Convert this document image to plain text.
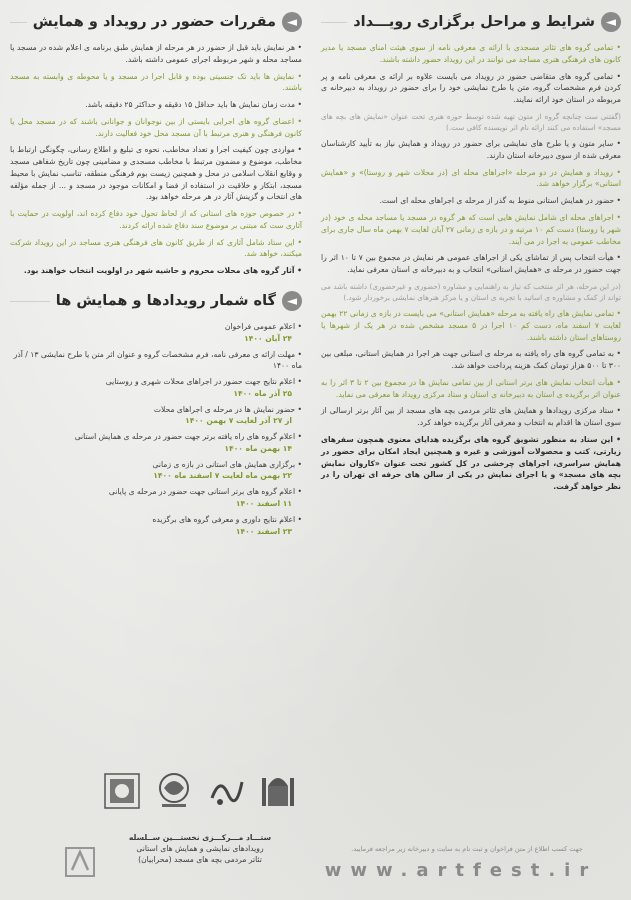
◄
شرایط و مراحل برگزاری رویـــداد
• تمامی گروه های تئاتر مسجدی با ارائه ی معرفی نامه از سوی هیئت امنای مسجد یا مدیر کانون های فرهنگی هنری مساجد می توانند در این رویداد حضور داشته باشند.
• تمامی گروه های متقاضی حضور در رویداد می بایست علاوه بر ارائه ی معرفی نامه و پر کردن فرم مشخصات گروه، متن یا طرح نمایشی خود را برای حضور در رویداد به دبیرخانه ی مربوطه در استان خود ارائه نمایند.
(گفتنی ست چنانچه گروه از متون تهیه شده توسط حوزه هنری تحت عنوان «نمایش های بچه های مسجد» استفاده می کنند ارائه نام اثر نویسنده کافی ست.)
• سایر متون و یا طرح های نمایشی برای حضور در رویداد و همایش نیاز به تأیید کارشناسان معرفی شده از سوی دبیرخانه استان دارند.
• رویداد و همایش در دو مرحله «اجراهای محله ای (در محلات شهر و روستا)» و «همایش استانی» برگزار خواهد شد.
• حضور در همایش استانی منوط به گذر از مرحله ی اجراهای محله ای است.
• اجراهای محله ای شامل نمایش هایی است که هر گروه در مسجد یا مساجد محله ی خود (در شهر یا روستا) دست کم ۱۰ مرتبه و در بازه ی زمانی ۲۷ آبان لغایت ۷ بهمن ماه سال جاری برای مخاطب عمومی به اجرا در می آیند.
• هیأت انتخاب پس از تماشای یکی از اجراهای عمومی هر نمایش در مجموع بین ۷ تا ۱۰ اثر را جهت حضور در مرحله ی «همایش استانی» انتخاب و به دبیرخانه ی استان معرفی نماید.
(در این مرحله، هر اثر منتخب که نیاز به راهنمایی و مشاوره (حضوری و غیرحضوری) داشته باشد می تواند از کمک و مشاوره ی اساتید با تجربه ی استان و یا مرکز هنرهای نمایشی برخوردار شود.)
• تمامی نمایش های راه یافته به مرحله «همایش استانی» می بایست در بازه ی زمانی ۲۲ بهمن لغایت ۷ اسفند ماه، دست کم ۱۰ اجرا در ۵ مسجد مشخص شده در هر یک از شهرها یا روستاهای استان داشته باشند.
• به تمامی گروه های راه یافته به مرحله ی استانی جهت هر اجرا در همایش استانی، مبلغی بین ۳۰۰ تا ۵۰۰ هزار تومان کمک هزینه پرداخت خواهد شد.
• هیأت انتخاب نمایش های برتر استانی از بین تمامی نمایش ها در مجموع بین ۲ تا ۳ اثر را به عنوان اثر برگزیده ی استان به دبیرخانه ی استان و ستاد مرکزی رویداد ها معرفی می نماید.
• ستاد مرکزی رویدادها و همایش های تئاتر مردمی بچه های مسجد از بین آثار برتر ارسالی از سوی استان ها اقدام به انتخاب و معرفی آثار برگزیده خواهد کرد.
• این ستاد به منظور تشویق گروه های برگزیده هدایای معنوی همچون سفرهای زیارتی، کتب و محصولات آموزشی و غیره و همچنین ایجاد امکان برای حضور در همایش سراسری، اجراهای چرخشی در کل کشور تحت عنوان «کاروان نمایش بچه های مسجد» و یا اجرای نمایش در یکی از سالن های حرفه ای تهران را در نظر خواهد گرفت.
◄
مقررات حضور در رویداد و همایش
• هر نمایش باید قبل از حضور در هر مرحله از همایش طبق برنامه ی اعلام شده در مسجد یا مساجد محله و شهر مربوطه اجرای عمومی داشته باشد.
• نمایش ها باید تک جنسیتی بوده و قابل اجرا در مسجد و یا محوطه ی وابسته به مسجد باشند.
• مدت زمان نمایش ها باید حداقل ۱۵ دقیقه و حداکثر ۲۵ دقیقه باشد.
• اعضای گروه های اجرایی بایستی از بین نوجوانان و جوانانی باشند که در مسجد محل یا کانون فرهنگی و هنری مرتبط با آن مسجد محل خود فعالیت دارند.
• مواردی چون کیفیت اجرا و تعداد مخاطب، نحوه ی تبلیغ و اطلاع رسانی، چگونگی ارتباط با مخاطب، موضوع و مضمون مرتبط با مخاطب مسجدی و مضامینی چون تاریخ شفاهی مسجد و وقایع انقلاب اسلامی در محل و همچنین زیست بوم فرهنگی منطقه، تناسب نمایش با محیط مسجد، ابتکار و خلاقیت در استفاده از فضا و امکانات موجود در مسجد و ... از جمله مؤلفه های انتخاب و گزینش آثار در هر مرحله خواهد بود.
• در خصوص حوزه های استانی که از لحاظ تحول خود دفاع کرده اند، اولویت در حمایت با آثاری ست که مبتنی بر موضوع سند دفاع شده ارائه کردند.
• این ستاد شامل آثاری که از طریق کانون های فرهنگی هنری مساجد در این رویداد شرکت میکنند، خواهد شد.
• آثار گروه های محلات محروم و حاشیه شهر در اولویت انتخاب خواهند بود.
◄
گاه شمار رویدادها و همایش ها
• اعلام عمومی فراخوان
۲۴ آبان ۱۴۰۰
• مهلت ارائه ی معرفی نامه، فرم مشخصات گروه و عنوان اثر متن یا طرح نمایشی ۱۳ / آذر ماه ۱۴۰۰
• اعلام نتایج جهت حضور در اجراهای محلات شهری و روستایی
۲۵ آذر ماه ۱۴۰۰
• حضور نمایش ها در مرحله ی اجراهای محلات
از ۲۷ آذر لغایت ۷ بهمن ۱۴۰۰
• اعلام گروه های راه یافته برتر جهت حضور در مرحله ی همایش استانی
۱۴ بهمن ماه ۱۴۰۰
• برگزاری همایش های استانی در بازه ی زمانی
۲۲ بهمن ماه لغایت ۷ اسفند ماه ۱۴۰۰
• اعلام گروه های برتر استانی جهت حضور در مرحله ی پایانی
۱۱ اسفند ۱۴۰۰
• اعلام نتایج داوری و معرفی گروه های برگزیده
۲۳ اسفند ۱۴۰۰
ستـــاد مـــرکـــزی نخستـــین ســلسله
رویدادهای نمایشی و همایش های استانی
تئاتر مردمی بچه های مسجد (محرابیان)
جهت کسب اطلاع از متن فراخوان و ثبت نام به سایت و دبیرخانه زیر مراجعه فرمایید.
www.artfest.ir
